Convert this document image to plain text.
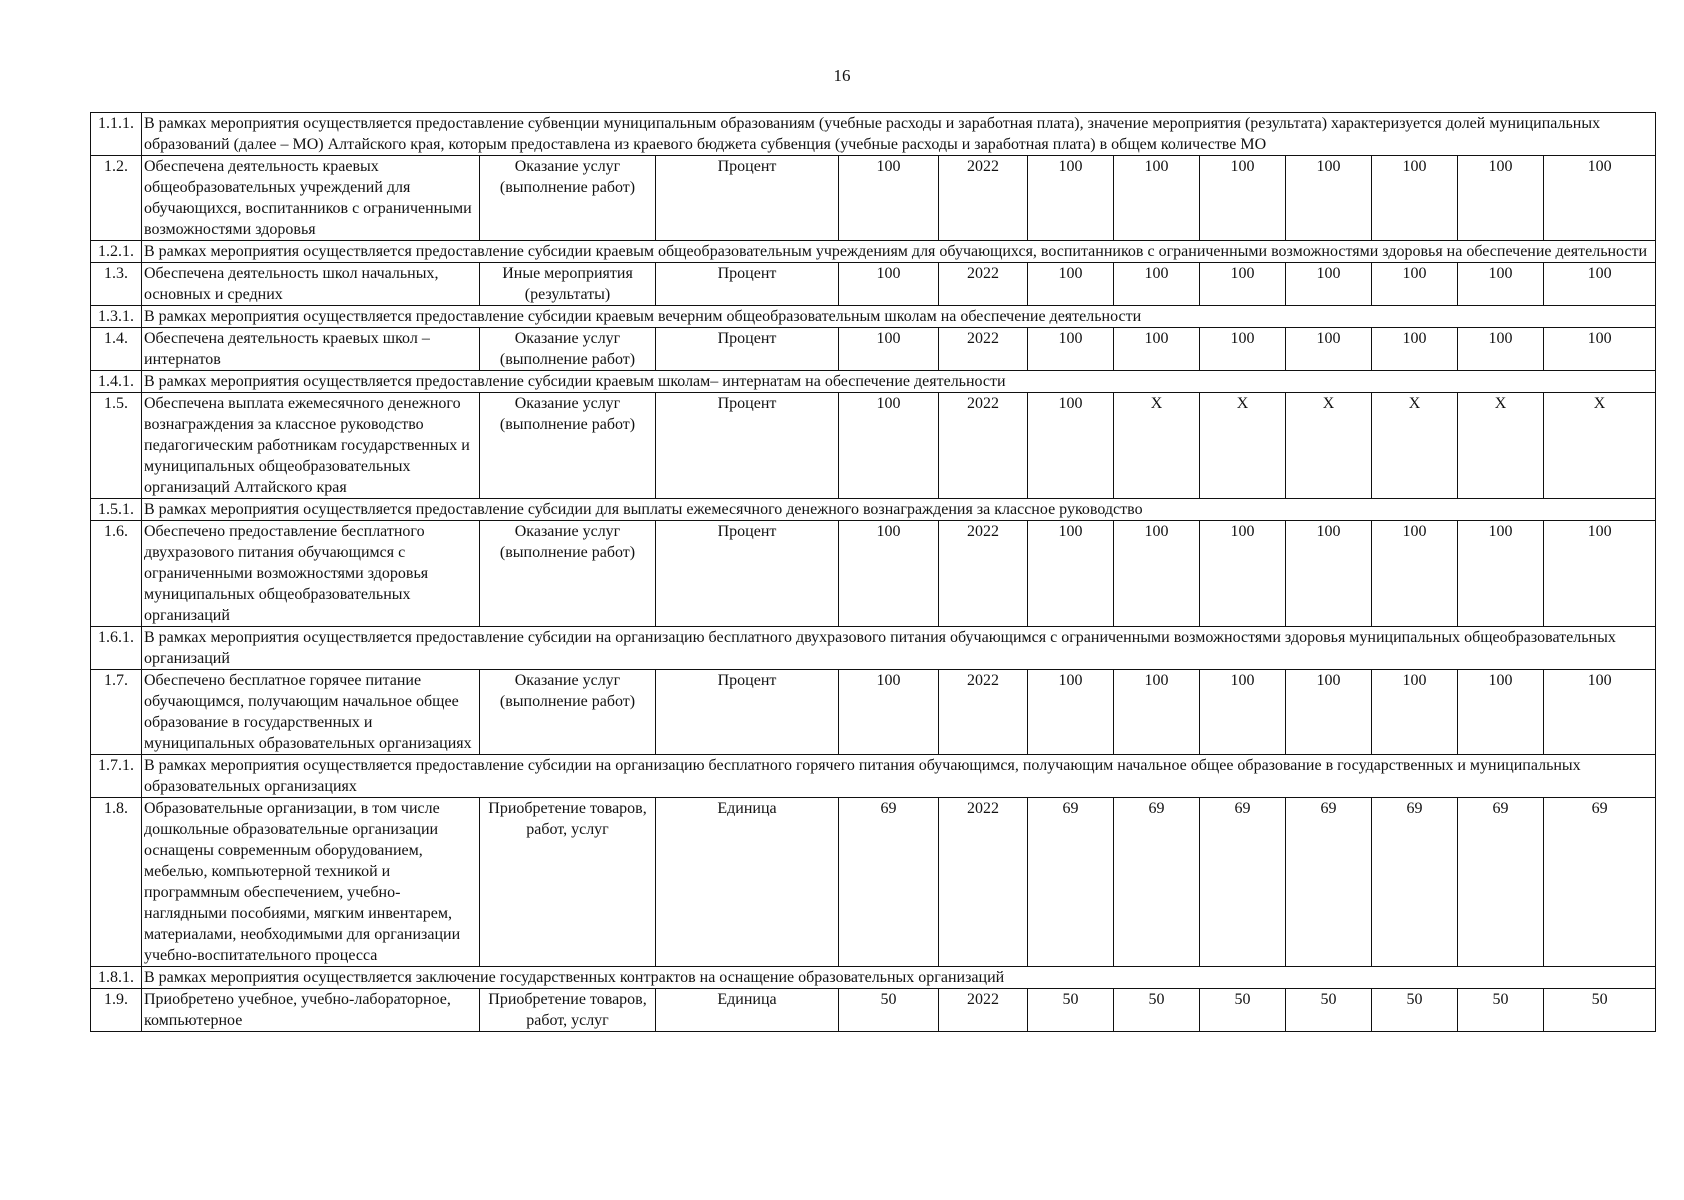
16
1.1.1.	В рамках мероприятия осуществляется предоставление субвенции муниципальным образованиям (учебные расходы и заработная плата), значение мероприятия (результата) характеризуется долей муниципальных образований (далее – МО) Алтайского края, которым предоставлена из краевого бюджета субвенция (учебные расходы и заработная плата) в общем количестве МО											
1.2.	Обеспечена деятельность краевых общеобразовательных учреждений для обучающихся, воспитанников с ограниченными возможностями здоровья	Оказание услуг (выполнение работ)	Процент	100	2022	100	100	100	100	100	100	100
1.2.1.	В рамках мероприятия осуществляется предоставление субсидии краевым общеобразовательным учреждениям для обучающихся, воспитанников с ограниченными возможностями здоровья на обеспечение деятельности											
1.3.	Обеспечена деятельность школ начальных, основных и средних	Иные мероприятия (результаты)	Процент	100	2022	100	100	100	100	100	100	100
1.3.1.	В рамках мероприятия осуществляется предоставление субсидии краевым вечерним общеобразовательным школам на обеспечение деятельности											
1.4.	Обеспечена деятельность краевых школ – интернатов	Оказание услуг (выполнение работ)	Процент	100	2022	100	100	100	100	100	100	100
1.4.1.	В рамках мероприятия осуществляется предоставление субсидии краевым школам– интернатам на обеспечение деятельности											
1.5.	Обеспечена выплата ежемесячного денежного вознаграждения за классное руководство педагогическим работникам государственных и муниципальных общеобразовательных организаций Алтайского края	Оказание услуг (выполнение работ)	Процент	100	2022	100	X	X	X	X	X	X
1.5.1.	В рамках мероприятия осуществляется предоставление субсидии для выплаты ежемесячного денежного вознаграждения за классное руководство											
1.6.	Обеспечено предоставление бесплатного двухразового питания обучающимся с ограниченными возможностями здоровья муниципальных общеобразовательных организаций	Оказание услуг (выполнение работ)	Процент	100	2022	100	100	100	100	100	100	100
1.6.1.	В рамках мероприятия осуществляется предоставление субсидии на организацию бесплатного двухразового питания обучающимся с ограниченными возможностями здоровья муниципальных общеобразовательных организаций											
1.7.	Обеспечено бесплатное горячее питание обучающимся, получающим начальное общее образование в государственных и муниципальных образовательных организациях	Оказание услуг (выполнение работ)	Процент	100	2022	100	100	100	100	100	100	100
1.7.1.	В рамках мероприятия осуществляется предоставление субсидии на организацию бесплатного горячего питания обучающимся, получающим начальное общее образование в государственных и муниципальных образовательных организациях											
1.8.	Образовательные организации, в том числе дошкольные образовательные организации оснащены современным оборудованием, мебелью, компьютерной техникой и программным обеспечением, учебно-наглядными пособиями, мягким инвентарем, материалами, необходимыми для организации учебно-воспитательного процесса	Приобретение товаров, работ, услуг	Единица	69	2022	69	69	69	69	69	69	69
1.8.1.	В рамках мероприятия осуществляется заключение государственных контрактов на оснащение образовательных организаций											
1.9.	Приобретено учебное, учебно-лабораторное, компьютерное	Приобретение товаров, работ, услуг	Единица	50	2022	50	50	50	50	50	50	50
